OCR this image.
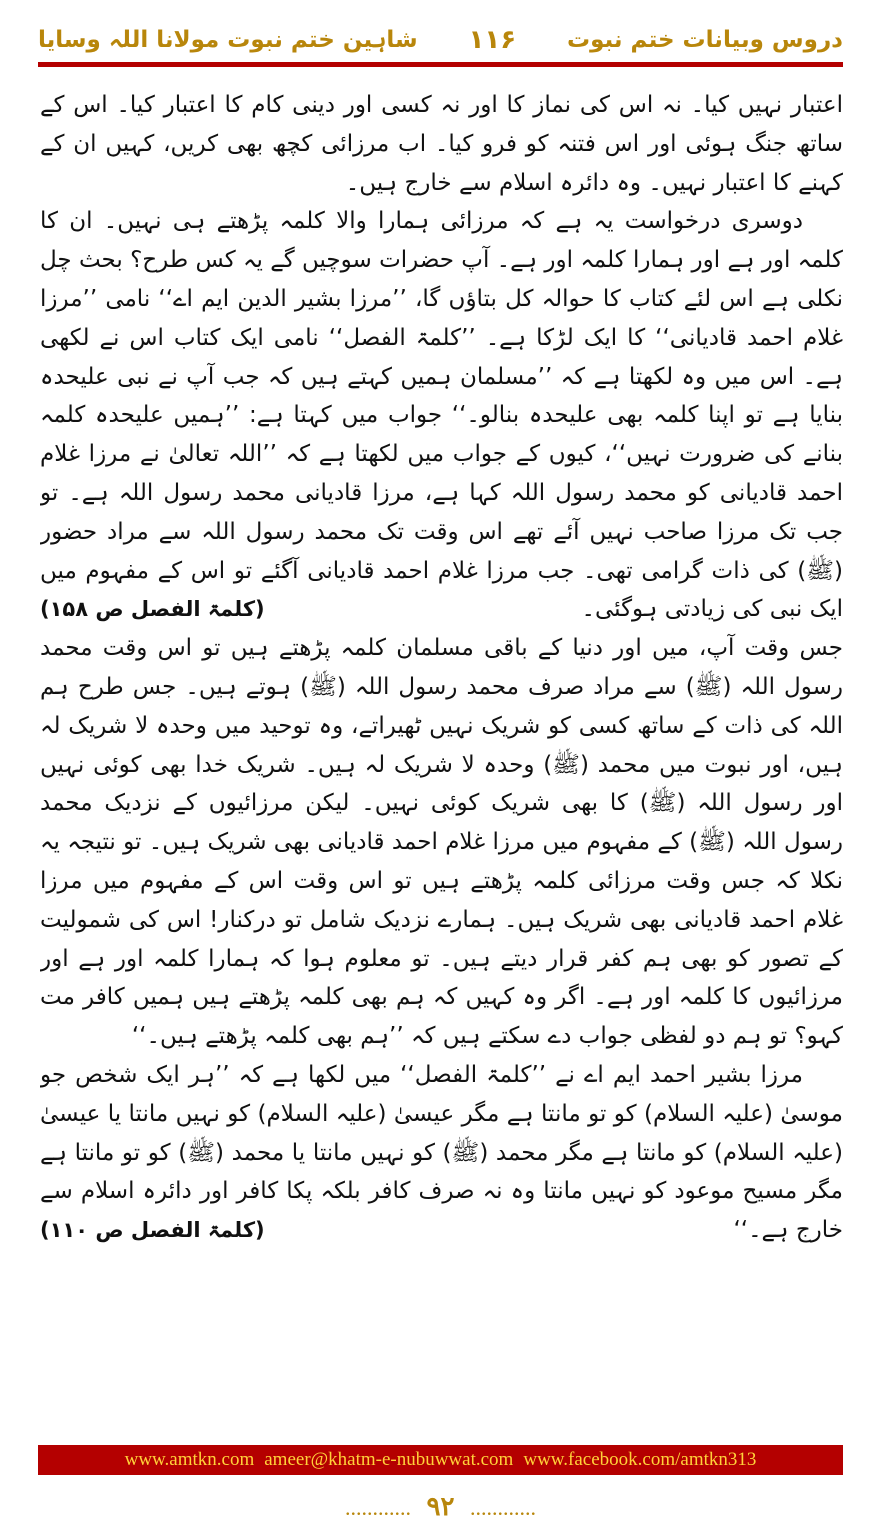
دروس وبیانات ختم نبوت
۱۱۶
شاہین ختم نبوت مولانا اللہ وسایا

اعتبار نہیں کیا۔ نہ اس کی نماز کا اور نہ کسی اور دینی کام کا اعتبار کیا۔ اس کے ساتھ جنگ ہوئی اور اس فتنہ کو فرو کیا۔ اب مرزائی کچھ بھی کریں، کہیں ان کے کہنے کا اعتبار نہیں۔ وہ دائرہ اسلام سے خارج ہیں۔

دوسری درخواست یہ ہے کہ مرزائی ہمارا والا کلمہ پڑھتے ہی نہیں۔ ان کا کلمہ اور ہے اور ہمارا کلمہ اور ہے۔ آپ حضرات سوچیں گے یہ کس طرح؟ بحث چل نکلی ہے اس لئے کتاب کا حوالہ کل بتاؤں گا، ’’مرزا بشیر الدین ایم اے‘‘ نامی ’’مرزا غلام احمد قادیانی‘‘ کا ایک لڑکا ہے۔ ’’کلمۃ الفصل‘‘ نامی ایک کتاب اس نے لکھی ہے۔ اس میں وہ لکھتا ہے کہ ’’مسلمان ہمیں کہتے ہیں کہ جب آپ نے نبی علیحدہ بنایا ہے تو اپنا کلمہ بھی علیحدہ بنالو۔‘‘ جواب میں کہتا ہے: ’’ہمیں علیحدہ کلمہ بنانے کی ضرورت نہیں‘‘، کیوں کے جواب میں لکھتا ہے کہ ’’اللہ تعالیٰ نے مرزا غلام احمد قادیانی کو محمد رسول اللہ کہا ہے، مرزا قادیانی محمد رسول اللہ ہے۔ تو جب تک مرزا صاحب نہیں آئے تھے اس وقت تک محمد رسول اللہ سے مراد حضور (ﷺ) کی ذات گرامی تھی۔ جب مرزا غلام احمد قادیانی آگئے تو اس کے مفہوم میں ایک نبی کی زیادتی ہوگئی۔
(کلمۃ الفصل ص ۱۵۸)

جس وقت آپ، میں اور دنیا کے باقی مسلمان کلمہ پڑھتے ہیں تو اس وقت محمد رسول اللہ (ﷺ) سے مراد صرف محمد رسول اللہ (ﷺ) ہوتے ہیں۔ جس طرح ہم اللہ کی ذات کے ساتھ کسی کو شریک نہیں ٹھیراتے، وہ توحید میں وحدہ لا شریک لہ ہیں، اور نبوت میں محمد (ﷺ) وحدہ لا شریک لہ ہیں۔ شریک خدا بھی کوئی نہیں اور رسول اللہ (ﷺ) کا بھی شریک کوئی نہیں۔ لیکن مرزائیوں کے نزدیک محمد رسول اللہ (ﷺ) کے مفہوم میں مرزا غلام احمد قادیانی بھی شریک ہیں۔ تو نتیجہ یہ نکلا کہ جس وقت مرزائی کلمہ پڑھتے ہیں تو اس وقت اس کے مفہوم میں مرزا غلام احمد قادیانی بھی شریک ہیں۔ ہمارے نزدیک شامل تو درکنار! اس کی شمولیت کے تصور کو بھی ہم کفر قرار دیتے ہیں۔ تو معلوم ہوا کہ ہمارا کلمہ اور ہے اور مرزائیوں کا کلمہ اور ہے۔ اگر وہ کہیں کہ ہم بھی کلمہ پڑھتے ہیں ہمیں کافر مت کہو؟ تو ہم دو لفظی جواب دے سکتے ہیں کہ ’’ہم بھی کلمہ پڑھتے ہیں۔‘‘

مرزا بشیر احمد ایم اے نے ’’کلمۃ الفصل‘‘ میں لکھا ہے کہ ’’ہر ایک شخص جو موسیٰ (علیہ السلام) کو تو مانتا ہے مگر عیسیٰ (علیہ السلام) کو نہیں مانتا یا عیسیٰ (علیہ السلام) کو مانتا ہے مگر محمد (ﷺ) کو نہیں مانتا یا محمد (ﷺ) کو تو مانتا ہے مگر مسیح موعود کو نہیں مانتا وہ نہ صرف کافر بلکہ پکا کافر اور دائرہ اسلام سے خارج ہے۔‘‘
(کلمۃ الفصل ص ۱۱۰)

www.amtkn.com ameer@khatm-e-nubuwwat.com www.facebook.com/amtkn313
............ ۹۲ ............
